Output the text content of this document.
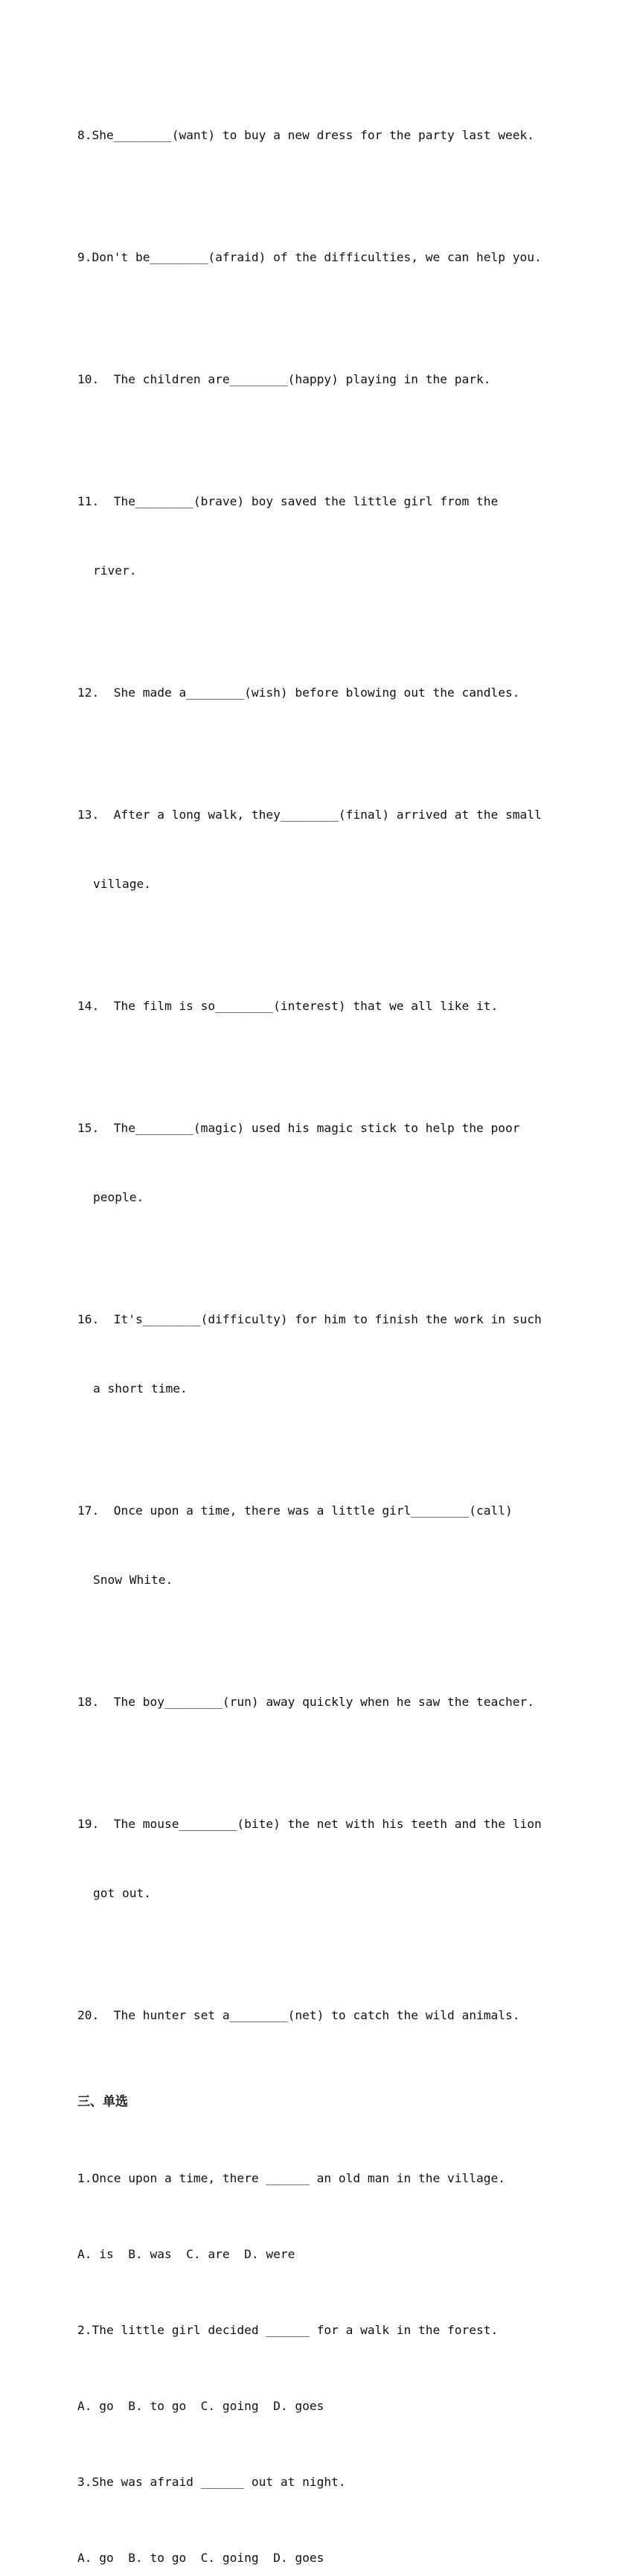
8.She________(want) to buy a new dress for the party last week.

9.Don't be________(afraid) of the difficulties, we can help you.

10.  The children are________(happy) playing in the park.

11.  The________(brave) boy saved the little girl from the

river.

12.  She made a________(wish) before blowing out the candles.

13.  After a long walk, they________(final) arrived at the small

village.

14.  The film is so________(interest) that we all like it.

15.  The________(magic) used his magic stick to help the poor

people.

16.  It's________(difficulty) for him to finish the work in such

a short time.

17.  Once upon a time, there was a little girl________(call)

Snow White.

18.  The boy________(run) away quickly when he saw the teacher.

19.  The mouse________(bite) the net with his teeth and the lion

got out.

20.  The hunter set a________(net) to catch the wild animals.

三、单选

1.Once upon a time, there ______ an old man in the village.

A. is  B. was  C. are  D. were

2.The little girl decided ______ for a walk in the forest.

A. go  B. to go  C. going  D. goes

3.She was afraid ______ out at night.

A. go  B. to go  C. going  D. goes
